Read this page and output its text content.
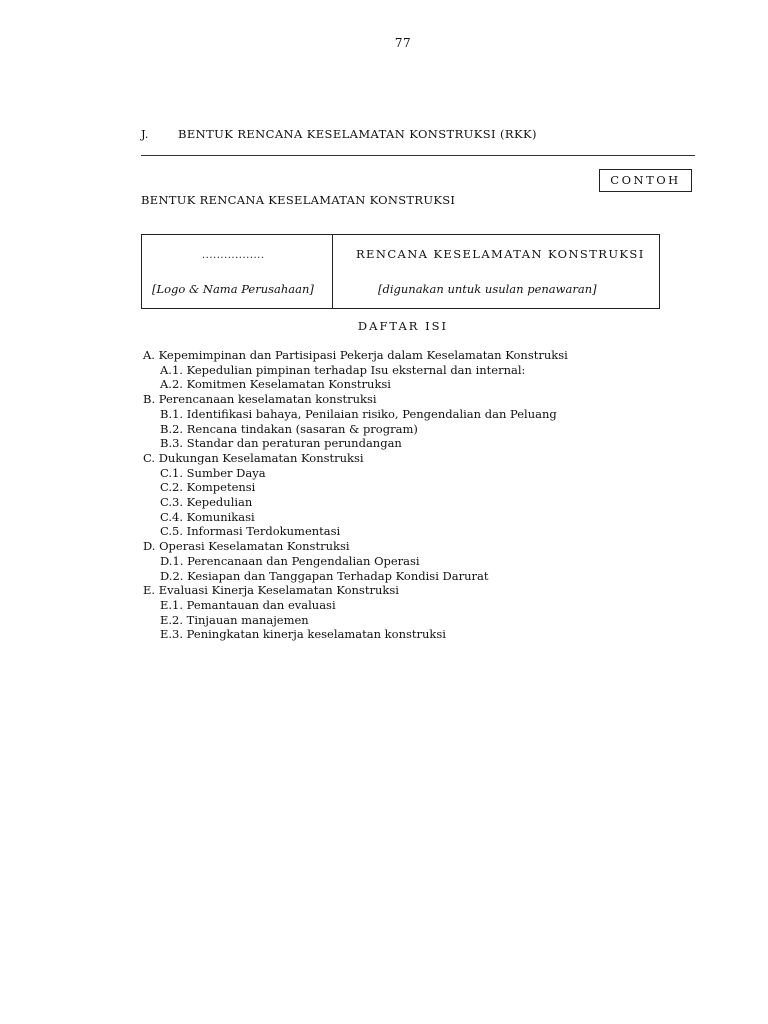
77
J.	BENTUK RENCANA KESELAMATAN KONSTRUKSI (RKK)
CONTOH
BENTUK RENCANA KESELAMATAN KONSTRUKSI
.................
[Logo & Nama Perusahaan]
RENCANA KESELAMATAN KONSTRUKSI
[digunakan untuk usulan penawaran]
DAFTAR ISI
A. Kepemimpinan dan Partisipasi Pekerja dalam Keselamatan Konstruksi
A.1. Kepedulian pimpinan terhadap Isu eksternal dan internal:
A.2. Komitmen Keselamatan Konstruksi
B. Perencanaan keselamatan konstruksi
B.1. Identifikasi bahaya, Penilaian risiko, Pengendalian dan Peluang
B.2. Rencana tindakan (sasaran & program)
B.3. Standar dan peraturan perundangan
C. Dukungan Keselamatan Konstruksi
C.1. Sumber Daya
C.2. Kompetensi
C.3. Kepedulian
C.4. Komunikasi
C.5. Informasi Terdokumentasi
D. Operasi Keselamatan Konstruksi
D.1. Perencanaan dan Pengendalian Operasi
D.2. Kesiapan dan Tanggapan Terhadap Kondisi Darurat
E. Evaluasi Kinerja Keselamatan Konstruksi
E.1. Pemantauan dan evaluasi
E.2. Tinjauan manajemen
E.3. Peningkatan kinerja keselamatan konstruksi
